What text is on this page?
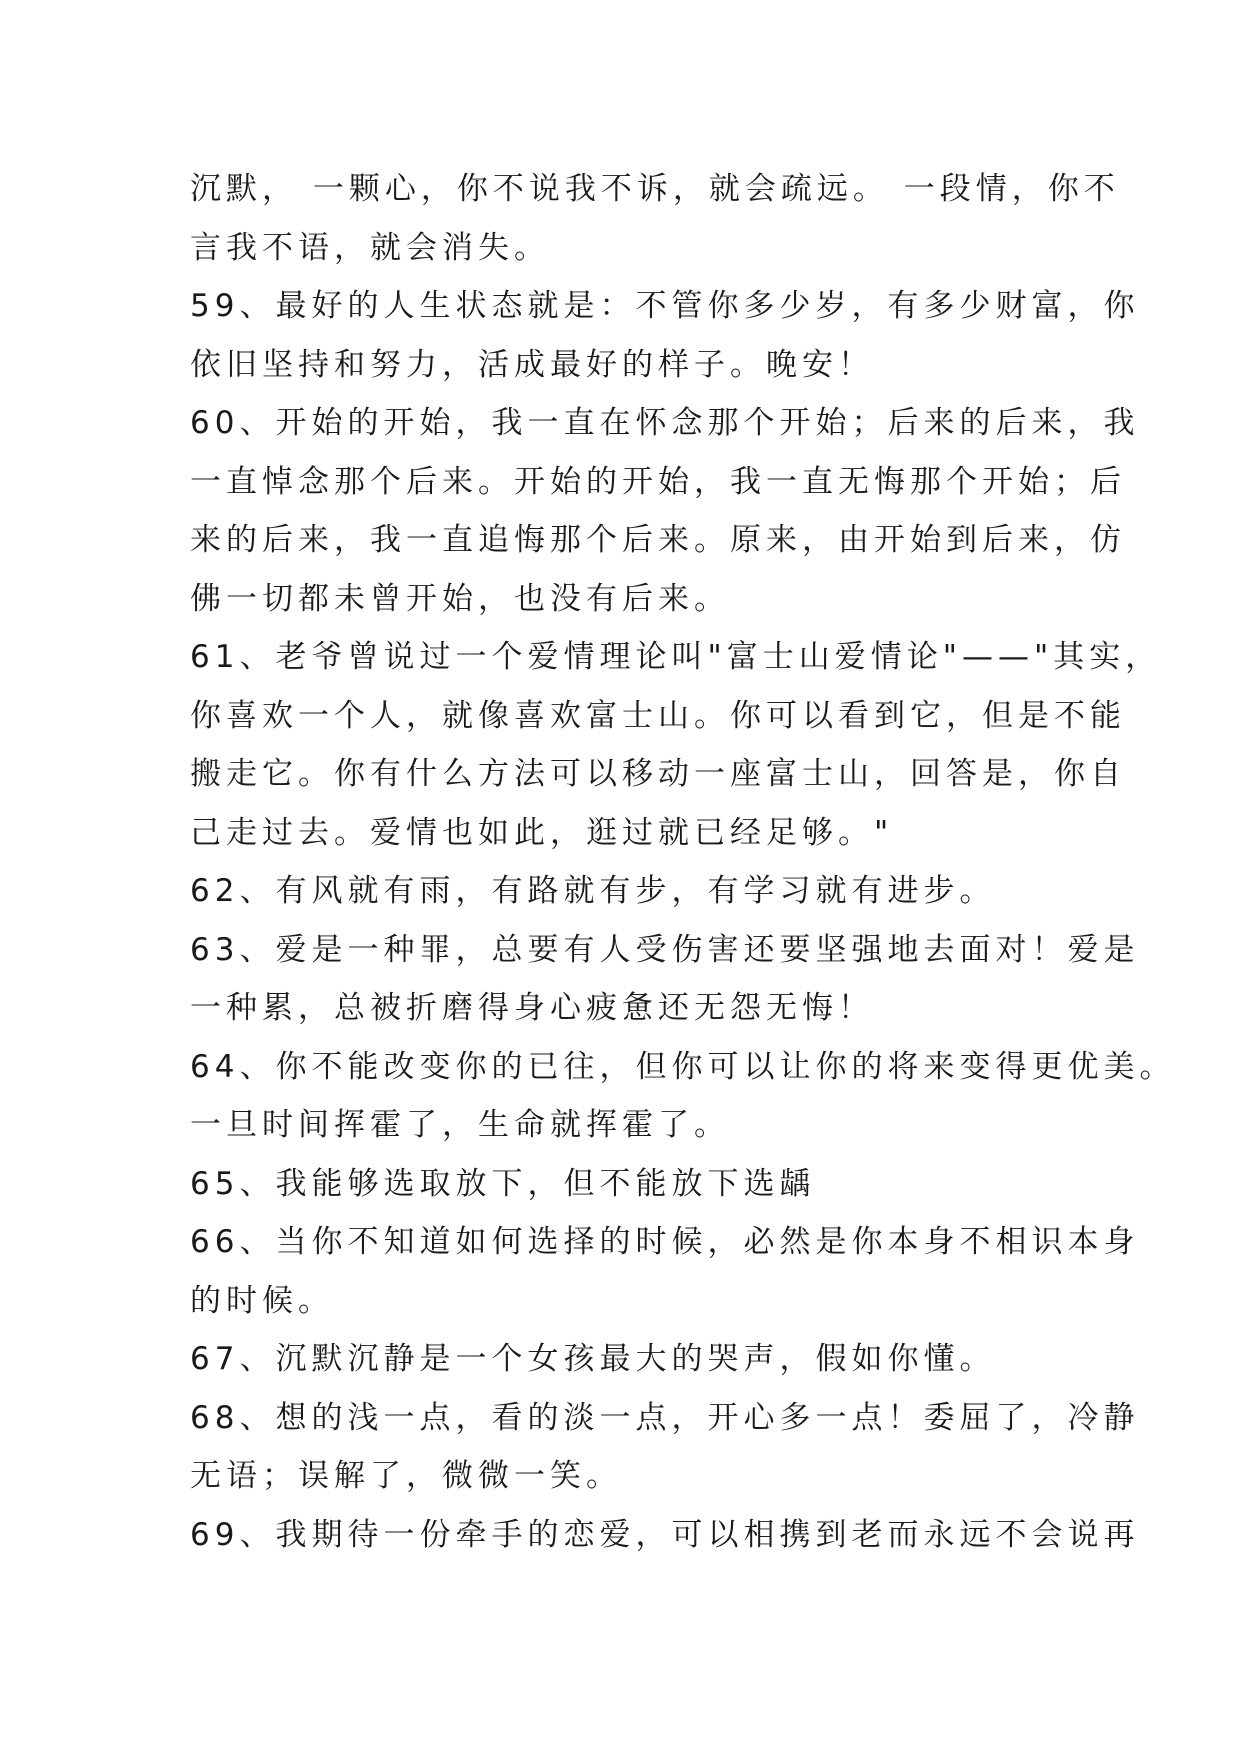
沉默， 一颗心，你不说我不诉，就会疏远。 一段情，你不
言我不语，就会消失。
59、最好的人生状态就是：不管你多少岁，有多少财富，你
依旧坚持和努力，活成最好的样子。晚安！
60、开始的开始，我一直在怀念那个开始；后来的后来，我
一直悼念那个后来。开始的开始，我一直无悔那个开始；后
来的后来，我一直追悔那个后来。原来，由开始到后来，仿
佛一切都未曾开始，也没有后来。
61、老爷曾说过一个爱情理论叫"富士山爱情论"——"其实，
你喜欢一个人，就像喜欢富士山。你可以看到它，但是不能
搬走它。你有什么方法可以移动一座富士山，回答是，你自
己走过去。爱情也如此，逛过就已经足够。"
62、有风就有雨，有路就有步，有学习就有进步。
63、爱是一种罪，总要有人受伤害还要坚强地去面对！爱是
一种累，总被折磨得身心疲惫还无怨无悔！
64、你不能改变你的已往，但你可以让你的将来变得更优美。
一旦时间挥霍了，生命就挥霍了。
65、我能够选取放下，但不能放下选龋
66、当你不知道如何选择的时候，必然是你本身不相识本身
的时候。
67、沉默沉静是一个女孩最大的哭声，假如你懂。
68、想的浅一点，看的淡一点，开心多一点！委屈了，冷静
无语；误解了，微微一笑。
69、我期待一份牵手的恋爱，可以相携到老而永远不会说再
